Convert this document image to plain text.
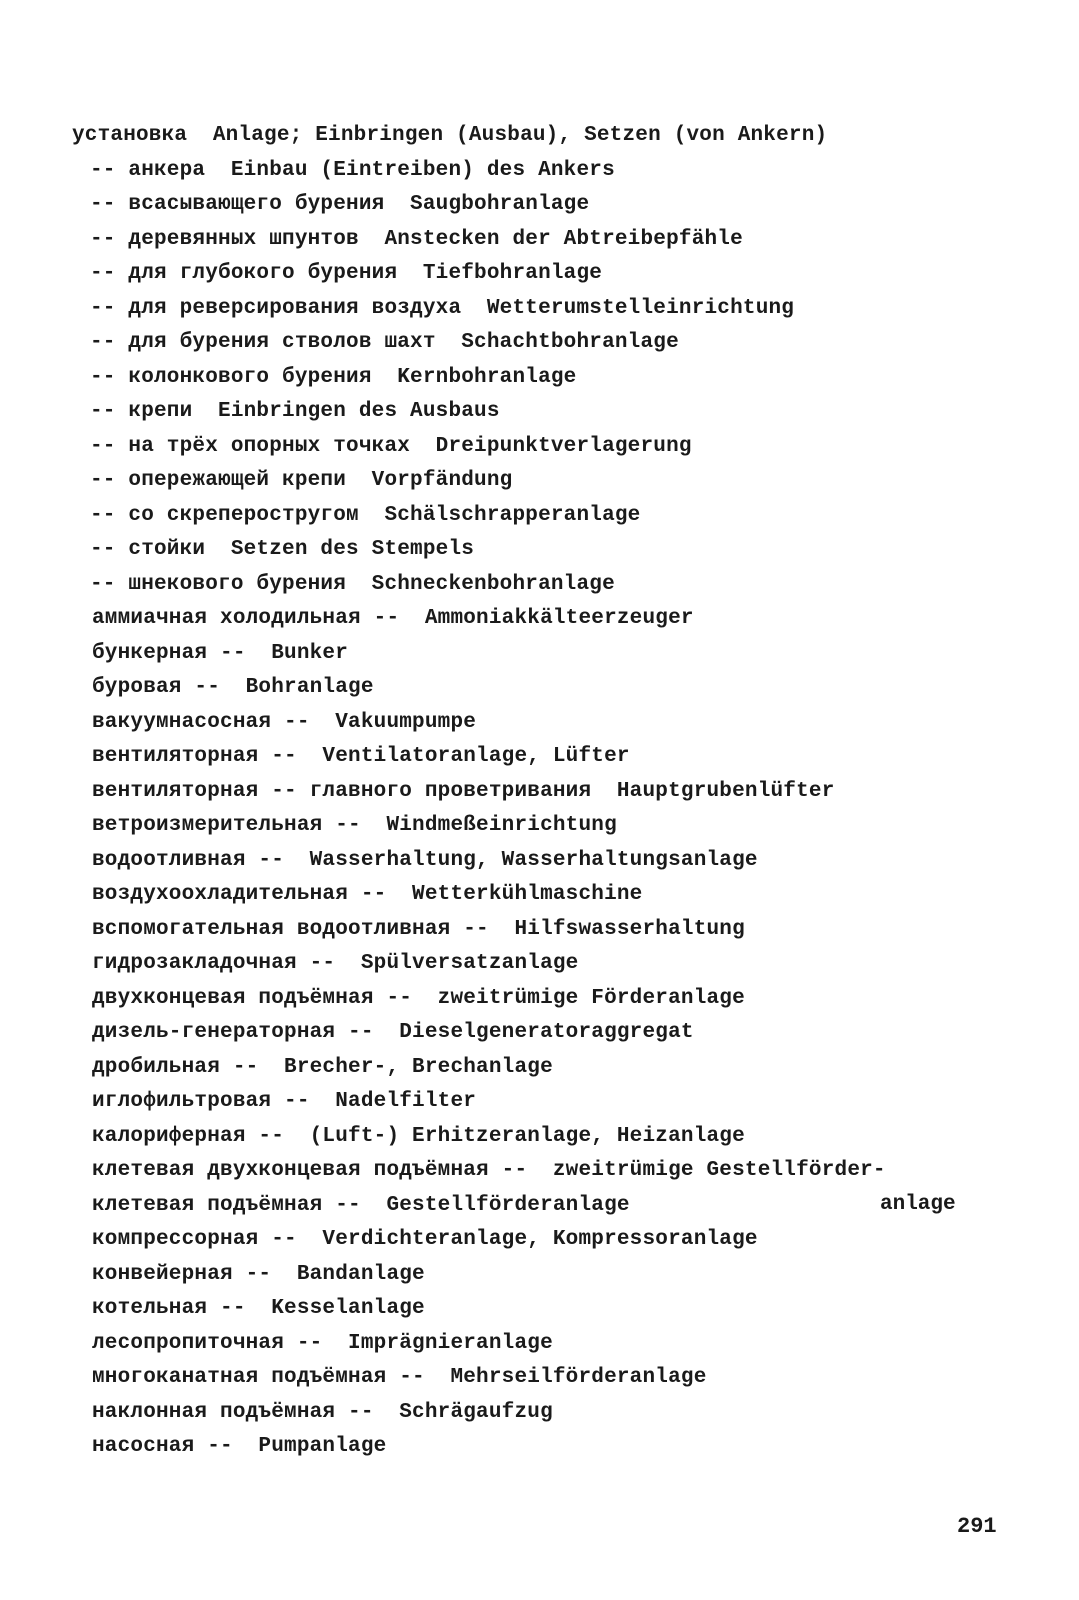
установка  Anlage; Einbringen (Ausbau), Setzen (von Ankern)
-- анкера  Einbau (Eintreiben) des Ankers
-- всасывающего бурения  Saugbohranlage
-- деревянных шпунтов  Anstecken der Abtreibepfähle
-- для глубокого бурения  Tiefbohranlage
-- для реверсирования воздуха  Wetterumstelleinrichtung
-- для бурения стволов шахт  Schachtbohranlage
-- колонкового бурения  Kernbohranlage
-- крепи  Einbringen des Ausbaus
-- на трёх опорных точках  Dreipunktverlagerung
-- опережающей крепи  Vorpfändung
-- со скреперостругом  Schälschrapperanlage
-- стойки  Setzen des Stempels
-- шнекового бурения  Schneckenbohranlage
аммиачная холодильная --  Ammoniakkälteerzeuger
бункерная --  Bunker
буровая --  Bohranlage
вакуумнасосная --  Vakuumpumpe
вентиляторная --  Ventilatoranlage, Lüfter
вентиляторная -- главного проветривания  Hauptgrubenlüfter
ветроизмерительная --  Windmeßeinrichtung
водоотливная --  Wasserhaltung, Wasserhaltungsanlage
воздухоохладительная --  Wetterkühlmaschine
вспомогательная водоотливная --  Hilfswasserhaltung
гидрозакладочная --  Spülversatzanlage
двухконцевая подъёмная --  zweitrümige Förderanlage
дизель-генераторная --  Dieselgeneratoraggregat
дробильная --  Brecher-, Brechanlage
иглофильтровая --  Nadelfilter
калориферная --  (Luft-) Erhitzeranlage, Heizanlage
клетевая двухконцевая подъёмная --  zweitrümige Gestellförder-
клетевая подъёмная --  Gestellförderanlage
компрессорная --  Verdichteranlage, Kompressoranlage
конвейерная --  Bandanlage
котельная --  Kesselanlage
лесопропиточная --  Imprägnieranlage
многоканатная подъёмная --  Mehrseilförderanlage
наклонная подъёмная --  Schrägaufzug
насосная --  Pumpanlage
anlage
291
